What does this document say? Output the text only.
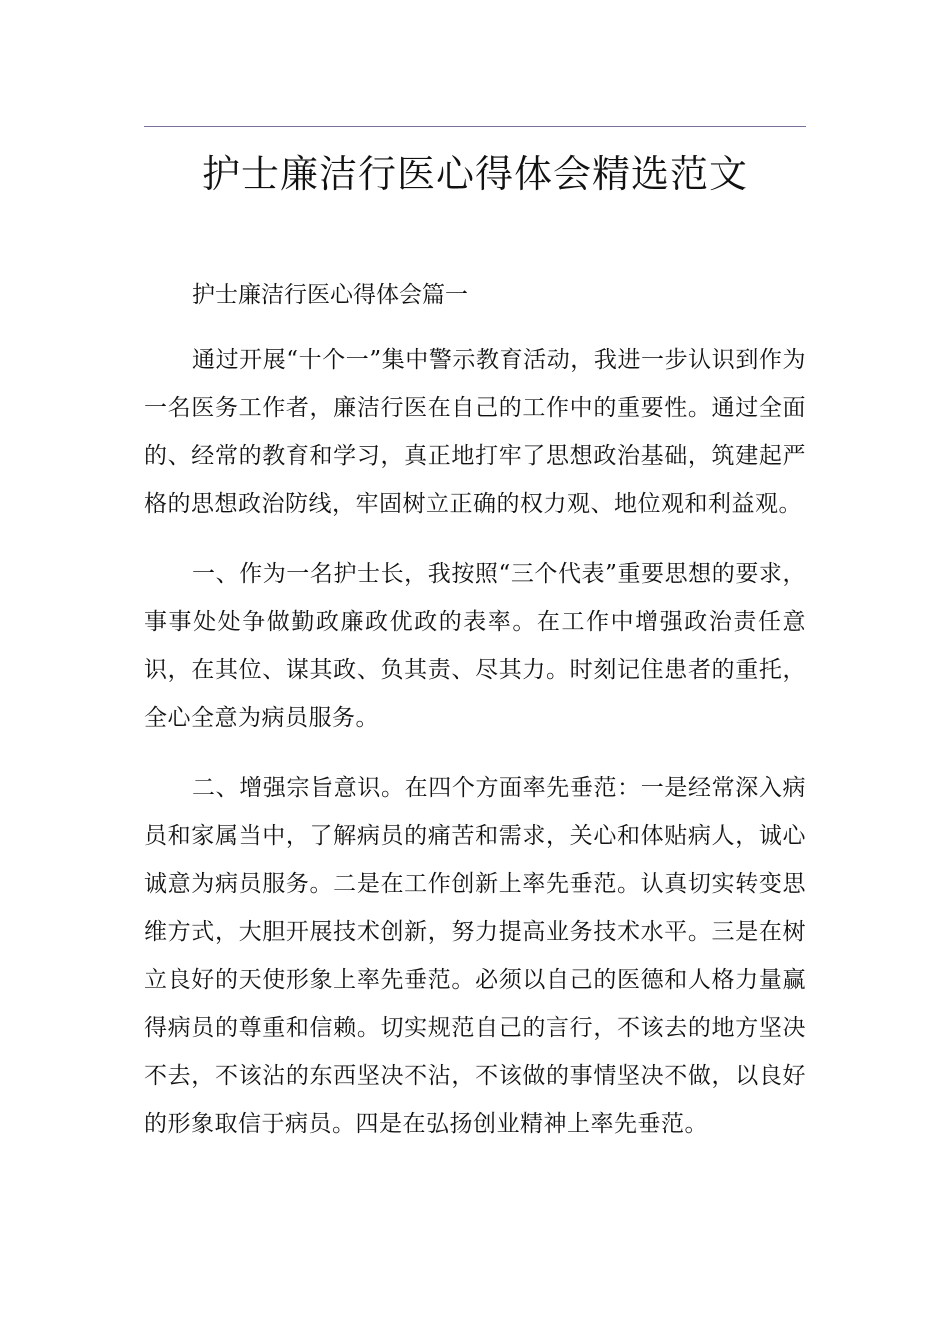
护士廉洁行医心得体会精选范文

护士廉洁行医心得体会篇一

通过开展“十个一”集中警示教育活动，我进一步认识到作为一名医务工作者，廉洁行医在自己的工作中的重要性。通过全面的、经常的教育和学习，真正地打牢了思想政治基础，筑建起严格的思想政治防线，牢固树立正确的权力观、地位观和利益观。

一、作为一名护士长，我按照“三个代表”重要思想的要求，事事处处争做勤政廉政优政的表率。在工作中增强政治责任意识，在其位、谋其政、负其责、尽其力。时刻记住患者的重托，全心全意为病员服务。

二、增强宗旨意识。在四个方面率先垂范：一是经常深入病员和家属当中，了解病员的痛苦和需求，关心和体贴病人，诚心诚意为病员服务。二是在工作创新上率先垂范。认真切实转变思维方式，大胆开展技术创新，努力提高业务技术水平。三是在树立良好的天使形象上率先垂范。必须以自己的医德和人格力量赢得病员的尊重和信赖。切实规范自己的言行，不该去的地方坚决不去，不该沾的东西坚决不沾，不该做的事情坚决不做，以良好的形象取信于病员。四是在弘扬创业精神上率先垂范。
